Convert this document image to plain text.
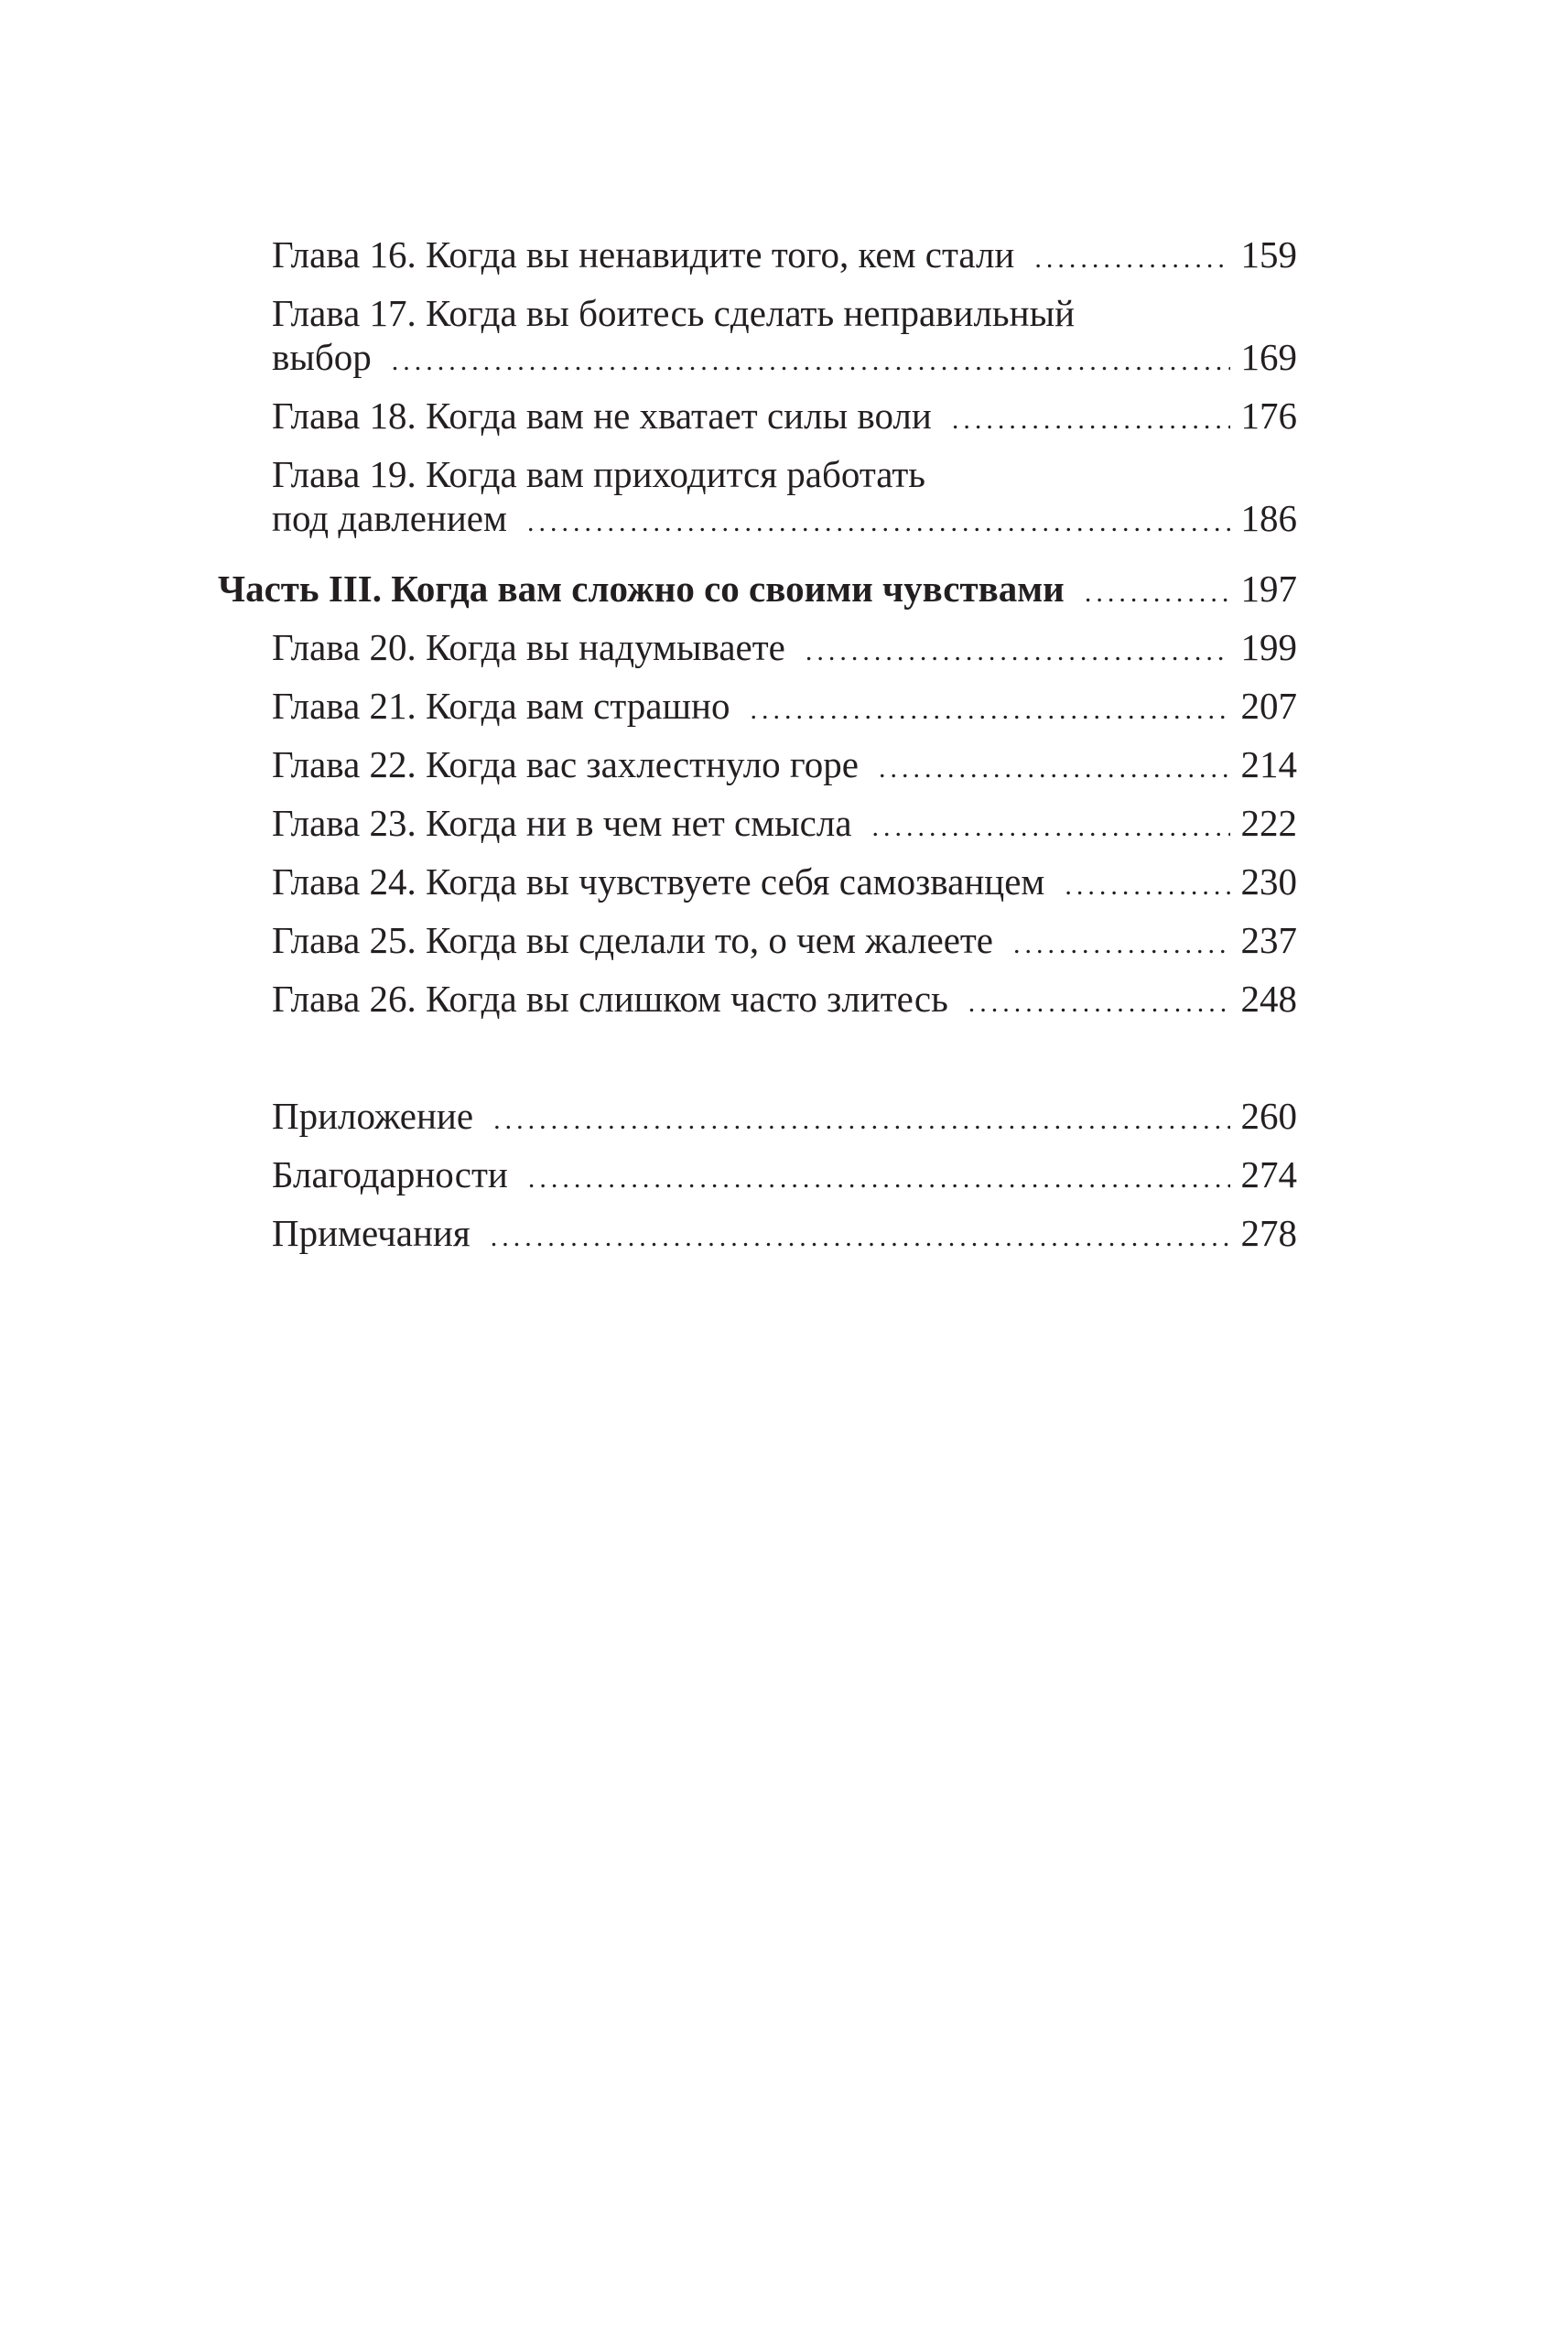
Глава 16. Когда вы ненавидите того, кем стали .....	159
Глава 17. Когда вы боитесь сделать неправильный
выбор .....	169
Глава 18. Когда вам не хватает силы воли .....	176
Глава 19. Когда вам приходится работать
под давлением .....	186
Часть III. Когда вам сложно со своими чувствами .....	197
Глава 20. Когда вы надумываете .....	199
Глава 21. Когда вам страшно .....	207
Глава 22. Когда вас захлестнуло горе .....	214
Глава 23. Когда ни в чем нет смысла .....	222
Глава 24. Когда вы чувствуете себя самозванцем .....	230
Глава 25. Когда вы сделали то, о чем жалеете .....	237
Глава 26. Когда вы слишком часто злитесь .....	248
Приложение .....	260
Благодарности .....	274
Примечания .....	278
